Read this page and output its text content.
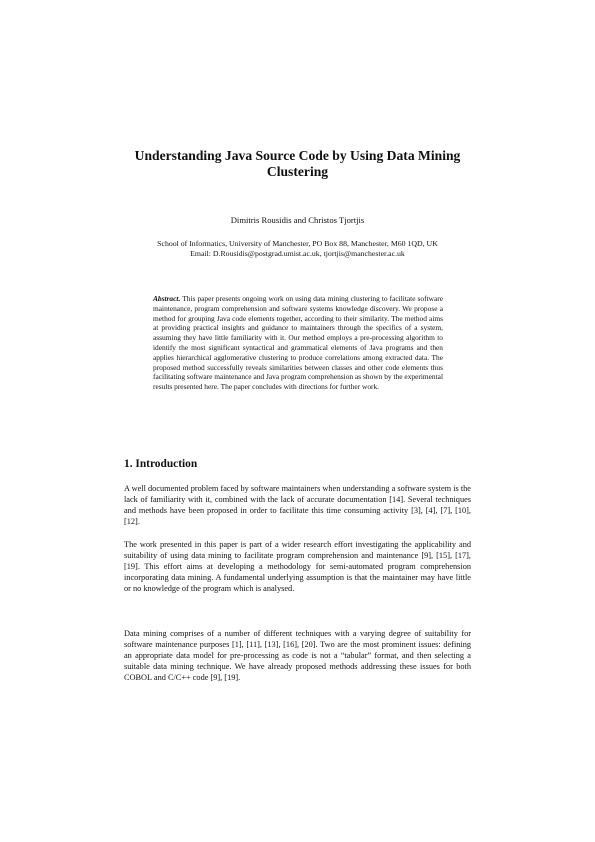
Understanding Java Source Code by Using Data Mining Clustering
Dimitris Rousidis and Christos Tjortjis
School of Informatics, University of Manchester, PO Box 88, Manchester, M60 1QD, UK
Email: D.Rousidis@postgrad.umist.ac.uk, tjortjis@manchester.ac.uk
Abstract. This paper presents ongoing work on using data mining clustering to facilitate software maintenance, program comprehension and software systems knowledge discovery. We propose a method for grouping Java code elements together, according to their similarity. The method aims at providing practical insights and guidance to maintainers through the specifics of a system, assuming they have little familiarity with it. Our method employs a pre-processing algorithm to identify the most significant syntactical and grammatical elements of Java programs and then applies hierarchical agglomerative clustering to produce correlations among extracted data. The proposed method successfully reveals similarities between classes and other code elements thus facilitating software maintenance and Java program comprehension as shown by the experimental results presented here. The paper concludes with directions for further work.
1. Introduction

A well documented problem faced by software maintainers when understanding a software system is the lack of familiarity with it, combined with the lack of accurate documentation [14]. Several techniques and methods have been proposed in order to facilitate this time consuming activity [3], [4], [7], [10], [12].

The work presented in this paper is part of a wider research effort investigating the applicability and suitability of using data mining to facilitate program comprehension and maintenance [9], [15], [17], [19]. This effort aims at developing a methodology for semi-automated program comprehension incorporating data mining. A fundamental underlying assumption is that the maintainer may have little or no knowledge of the program which is analysed.

Data mining comprises of a number of different techniques with a varying degree of suitability for software maintenance purposes [1], [11], [13], [16], [20]. Two are the most prominent issues: defining an appropriate data model for pre-processing as code is not a “tabular” format, and then selecting a suitable data mining technique. We have already proposed methods addressing these issues for both COBOL and C/C++ code [9], [19].
